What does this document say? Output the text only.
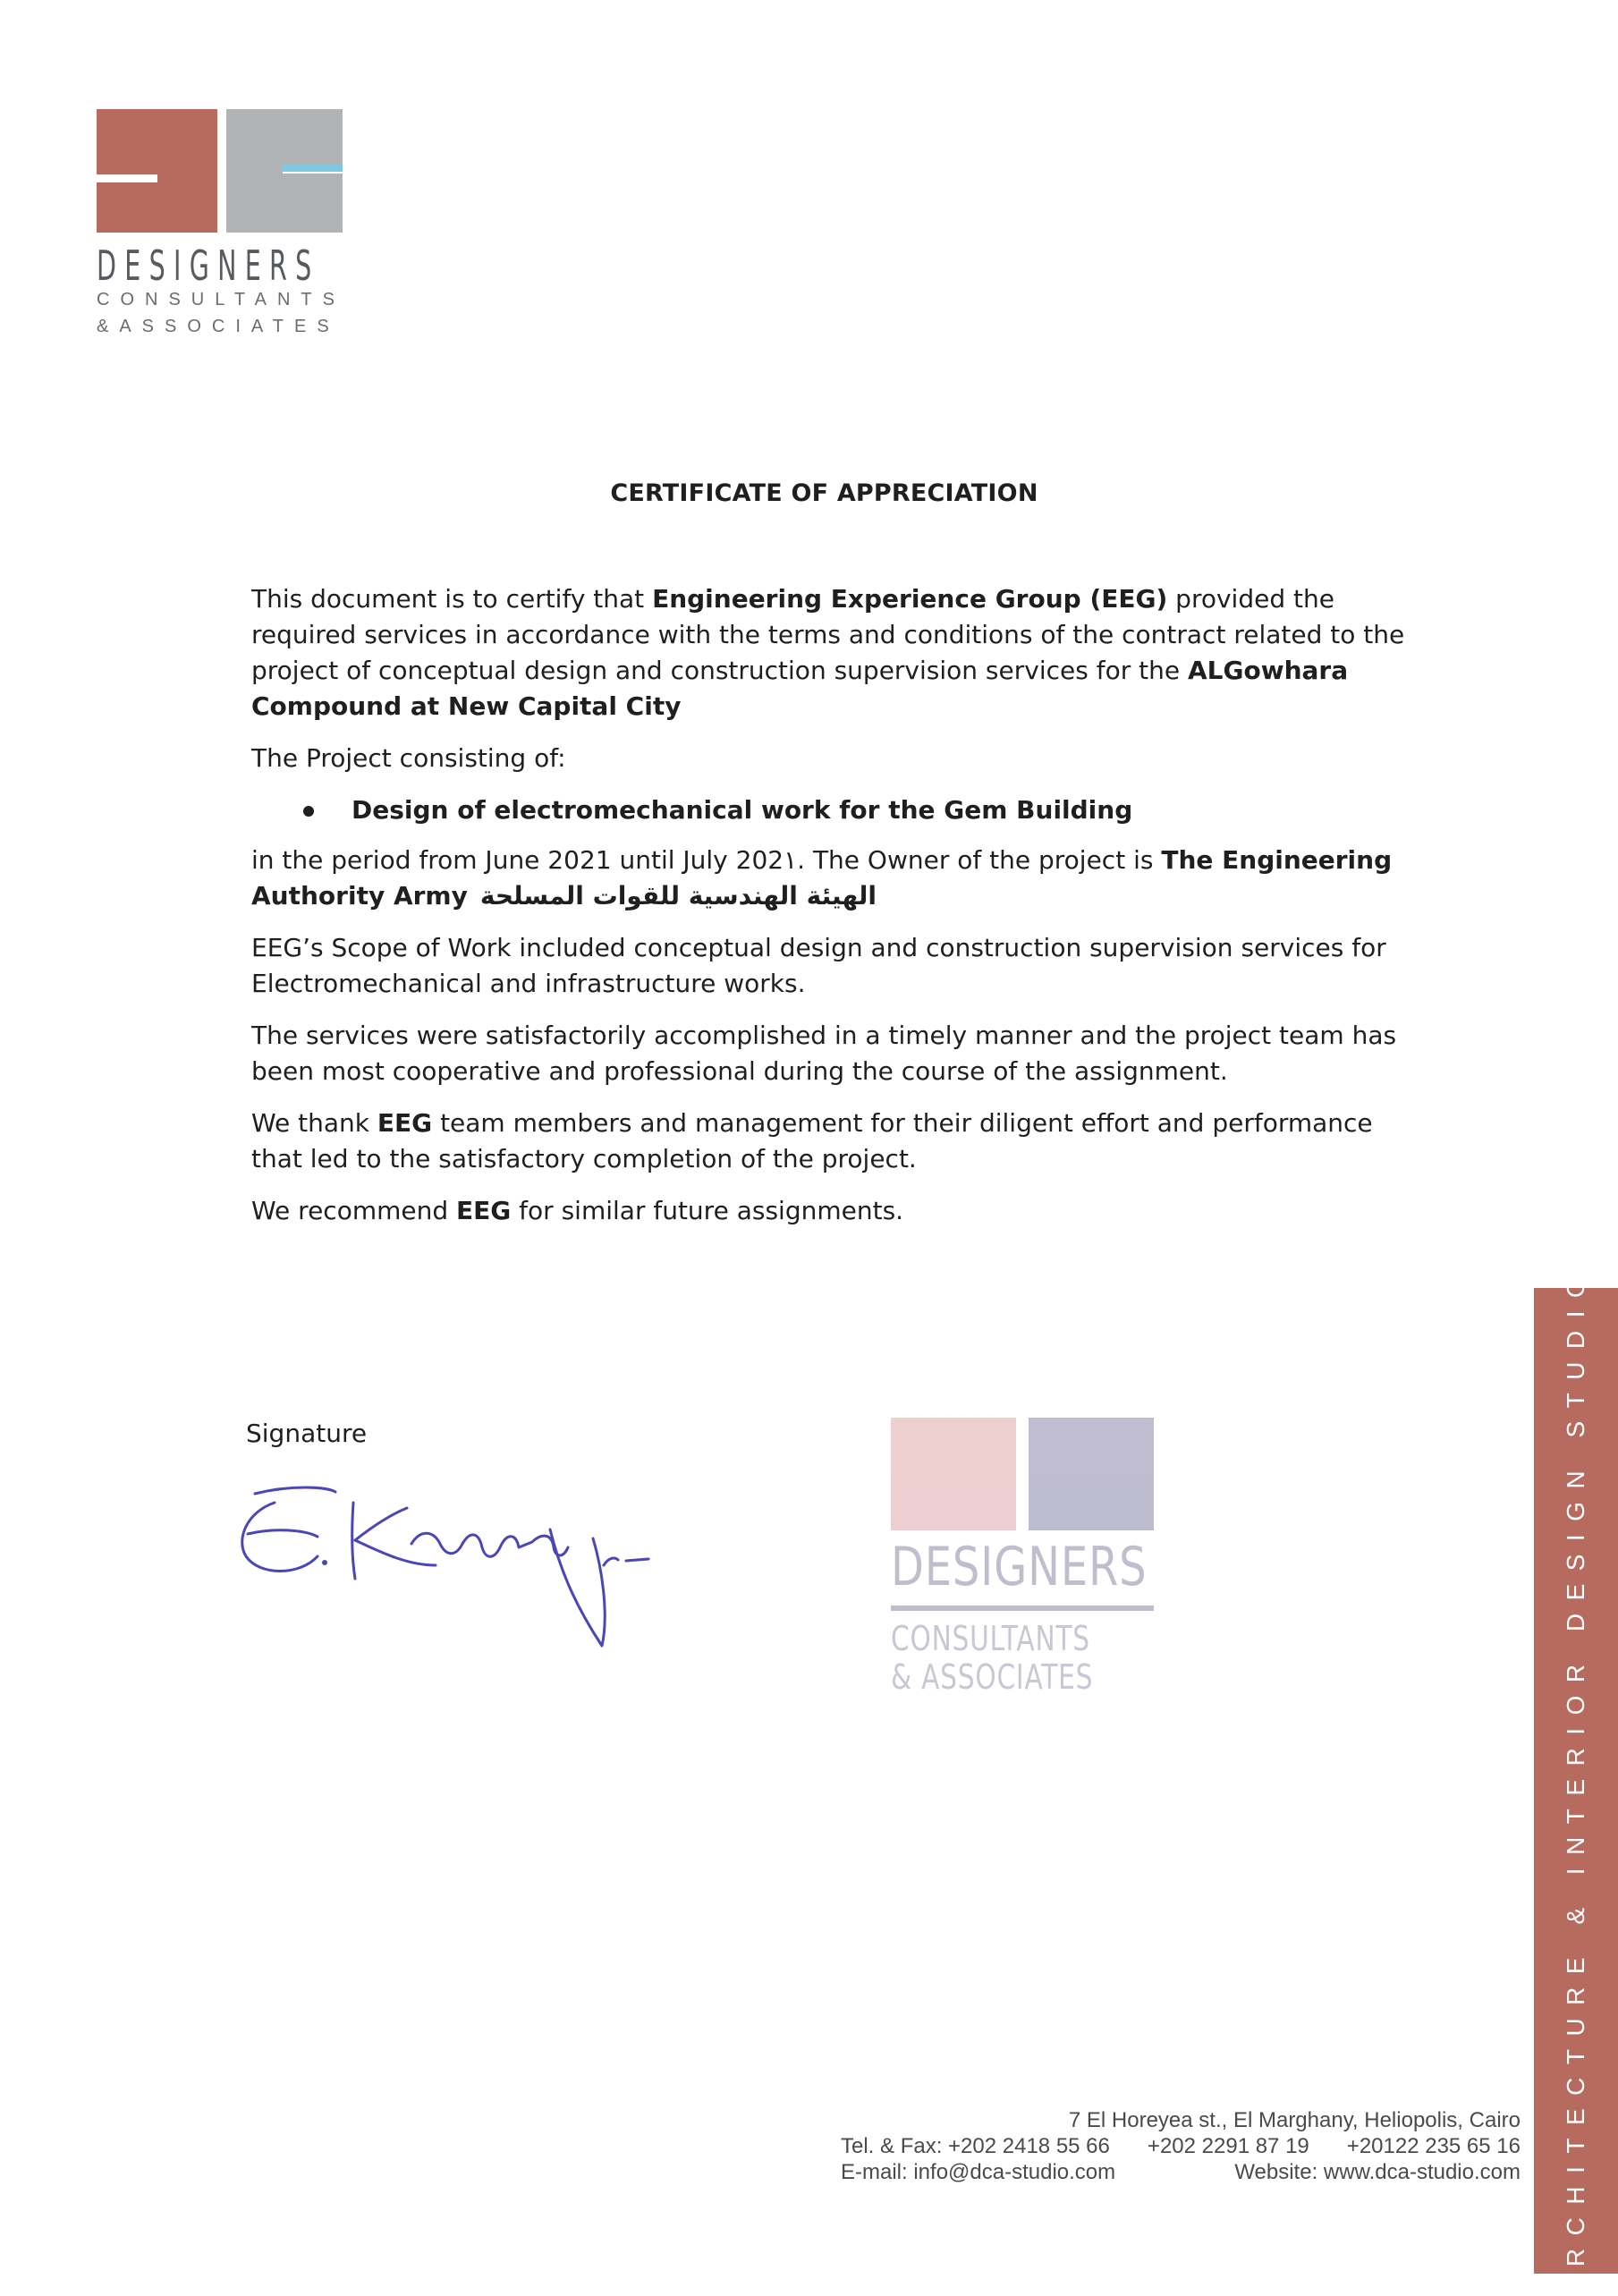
DESIGNERS
CONSULTANTS
&ASSOCIATES
CERTIFICATE OF APPRECIATION

This document is to certify that Engineering Experience Group (EEG) provided the required services in accordance with the terms and conditions of the contract related to the project of conceptual design and construction supervision services for the ALGowhara Compound at New Capital City

The Project consisting of:

Design of electromechanical work for the Gem Building

in the period from June 2021 until July 202١. The Owner of the project is The Engineering Authority Army الهيئة الهندسية للقوات المسلحة

EEG’s Scope of Work included conceptual design and construction supervision services for Electromechanical and infrastructure works.

The services were satisfactorily accomplished in a timely manner and the project team has been most cooperative and professional during the course of the assignment.

We thank EEG team members and management for their diligent effort and performance that led to the satisfactory completion of the project.

We recommend EEG for similar future assignments.

Signature
DESIGNERS
CONSULTANTS
& ASSOCIATES	ARCHITECTURE & INTERIOR DESIGN STUDIO
7 El Horeyea st., El Marghany, Heliopolis, Cairo
Tel. & Fax: +202 2418 55 66 +202 2291 87 19 +20122 235 65 16
E-mail: info@dca-studio.com	Website: www.dca-studio.com
